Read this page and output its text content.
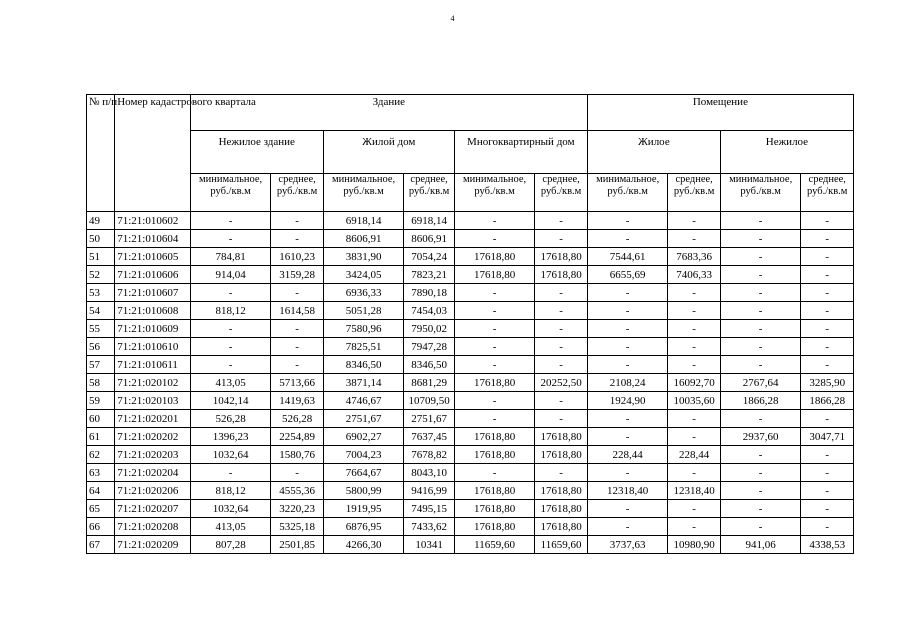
4
№ п/п	Номер кадастрового квартала	Здание						Помещение			
		Нежилое здание		Жилой дом		Многоквартирный дом		Жилое		Нежилое	
		минимальное,
руб./кв.м	среднее,
руб./кв.м	минимальное,
руб./кв.м	среднее,
руб./кв.м	минимальное,
руб./кв.м	среднее,
руб./кв.м	минимальное,
руб./кв.м	среднее,
руб./кв.м	минимальное,
руб./кв.м	среднее,
руб./кв.м
49	71:21:010602	-	-	6918,14	6918,14	-	-	-	-	-	-
50	71:21:010604	-	-	8606,91	8606,91	-	-	-	-	-	-
51	71:21:010605	784,81	1610,23	3831,90	7054,24	17618,80	17618,80	7544,61	7683,36	-	-
52	71:21:010606	914,04	3159,28	3424,05	7823,21	17618,80	17618,80	6655,69	7406,33	-	-
53	71:21:010607	-	-	6936,33	7890,18	-	-	-	-	-	-
54	71:21:010608	818,12	1614,58	5051,28	7454,03	-	-	-	-	-	-
55	71:21:010609	-	-	7580,96	7950,02	-	-	-	-	-	-
56	71:21:010610	-	-	7825,51	7947,28	-	-	-	-	-	-
57	71:21:010611	-	-	8346,50	8346,50	-	-	-	-	-	-
58	71:21:020102	413,05	5713,66	3871,14	8681,29	17618,80	20252,50	2108,24	16092,70	2767,64	3285,90
59	71:21:020103	1042,14	1419,63	4746,67	10709,50	-	-	1924,90	10035,60	1866,28	1866,28
60	71:21:020201	526,28	526,28	2751,67	2751,67	-	-	-	-	-	-
61	71:21:020202	1396,23	2254,89	6902,27	7637,45	17618,80	17618,80	-	-	2937,60	3047,71
62	71:21:020203	1032,64	1580,76	7004,23	7678,82	17618,80	17618,80	228,44	228,44	-	-
63	71:21:020204	-	-	7664,67	8043,10	-	-	-	-	-	-
64	71:21:020206	818,12	4555,36	5800,99	9416,99	17618,80	17618,80	12318,40	12318,40	-	-
65	71:21:020207	1032,64	3220,23	1919,95	7495,15	17618,80	17618,80	-	-	-	-
66	71:21:020208	413,05	5325,18	6876,95	7433,62	17618,80	17618,80	-	-	-	-
67	71:21:020209	807,28	2501,85	4266,30	10341	11659,60	11659,60	3737,63	10980,90	941,06	4338,53
